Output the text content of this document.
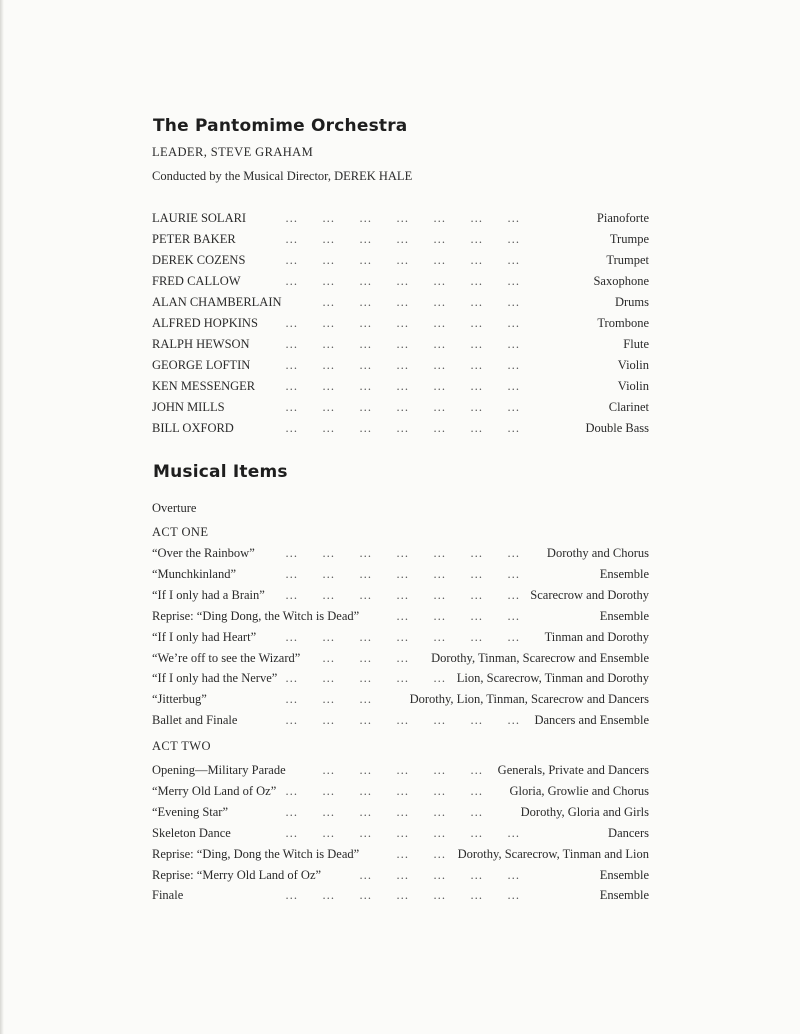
The Pantomime Orchestra
LEADER, STEVE GRAHAM
Conducted by the Musical Director, DEREK HALE
… … … … … … …
LAURIE SOLARI	Pianoforte
… … … … … … …
PETER BAKER	Trumpe
… … … … … … …
DEREK COZENS	Trumpet
… … … … … … …
FRED CALLOW	Saxophone
… … … … … …
ALAN CHAMBERLAIN	Drums
… … … … … … …
ALFRED HOPKINS	Trombone
… … … … … … …
RALPH HEWSON	Flute
… … … … … … …
GEORGE LOFTIN	Violin
… … … … … … …
KEN MESSENGER	Violin
… … … … … … …
JOHN MILLS	Clarinet
… … … … … … …
BILL OXFORD	Double Bass
Musical Items
Overture
ACT ONE
… … … … … … …
“Over the Rainbow”	Dorothy and Chorus
… … … … … … …
“Munchkinland”	Ensemble
… … … … … … …
“If I only had a Brain”	Scarecrow and Dorothy
… … … …
Reprise: “Ding Dong, the Witch is Dead”	Ensemble
… … … … … … …
“If I only had Heart”	Tinman and Dorothy
… … …
“We’re off to see the Wizard”	Dorothy, Tinman, Scarecrow and Ensemble
… … … … …
“If I only had the Nerve”	Lion, Scarecrow, Tinman and Dorothy
… … …
“Jitterbug”	Dorothy, Lion, Tinman, Scarecrow and Dancers
… … … … … … …
Ballet and Finale	Dancers and Ensemble
ACT TWO
… … … … …
Opening—Military Parade	Generals, Private and Dancers
… … … … … …
“Merry Old Land of Oz”	Gloria, Growlie and Chorus
… … … … … …
“Evening Star”	Dorothy, Gloria and Girls
… … … … … … …
Skeleton Dance	Dancers
… …
Reprise: “Ding, Dong the Witch is Dead”	Dorothy, Scarecrow, Tinman and Lion
… … … … …
Reprise: “Merry Old Land of Oz”	Ensemble
… … … … … … …
Finale	Ensemble
